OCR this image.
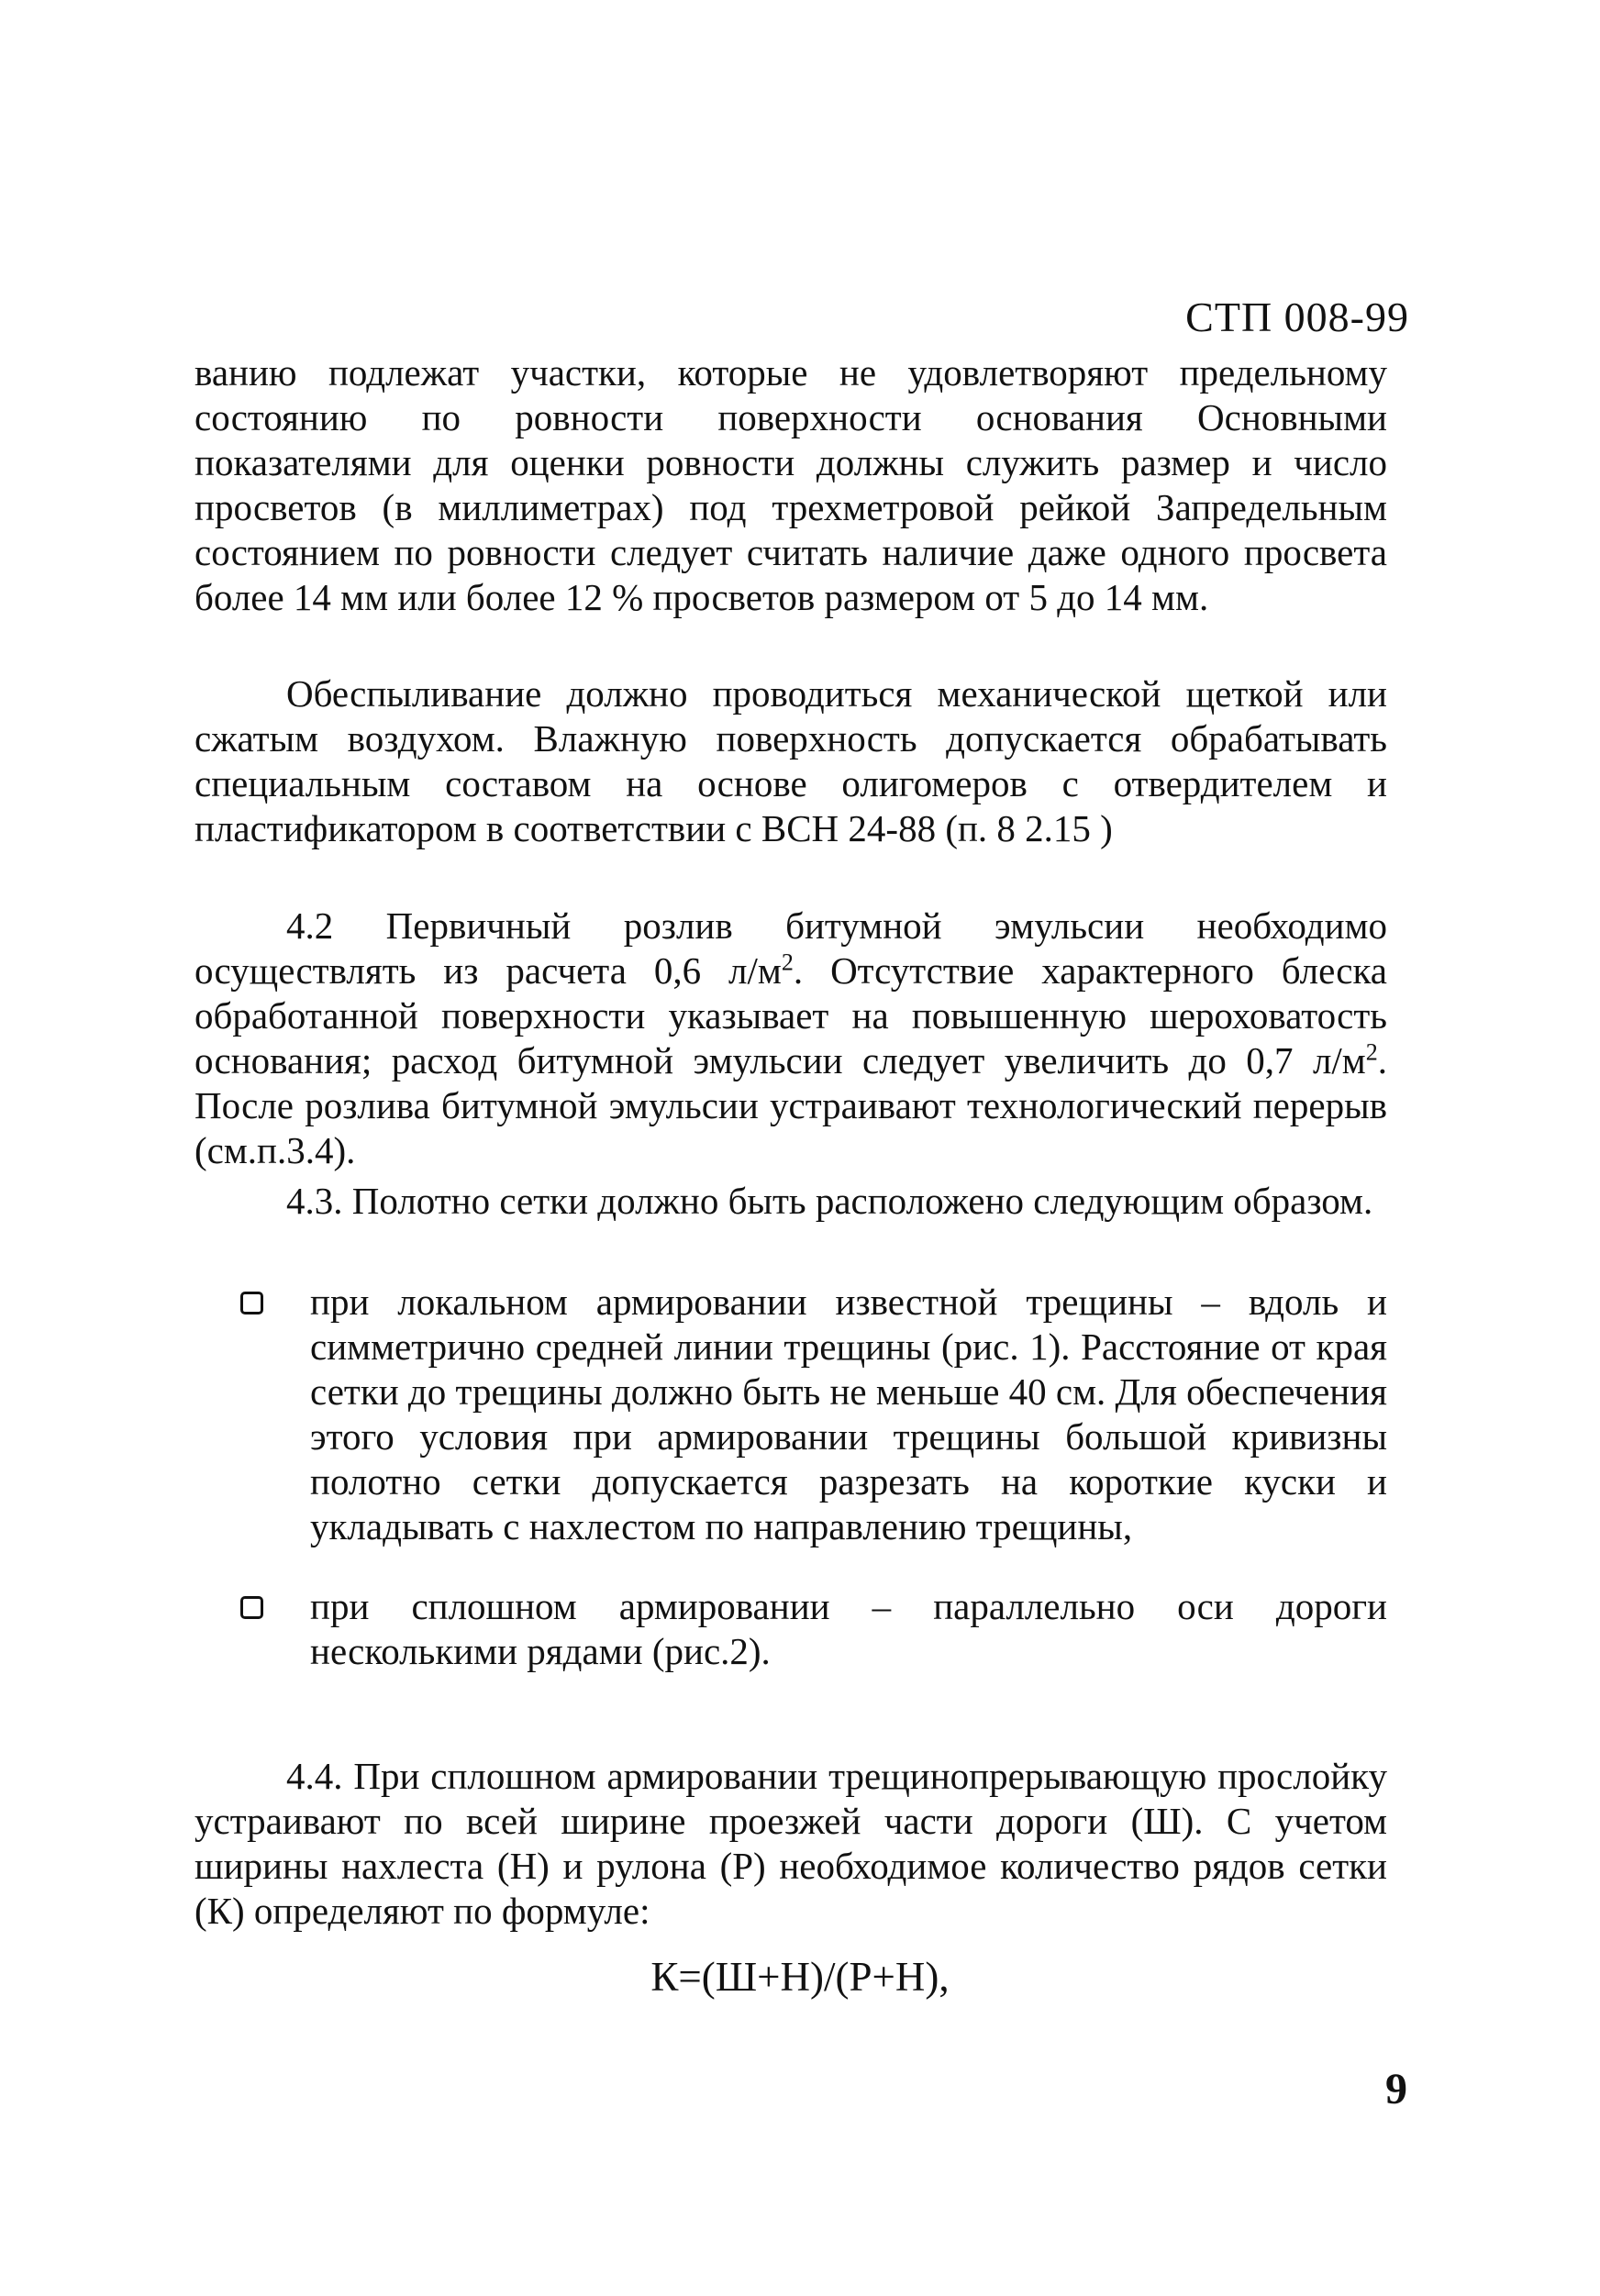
СТП 008-99

ванию подлежат участки, которые не удовлетворяют предельному состоянию по ровности поверхности основания Основными показателями для оценки ровности должны служить размер и число просветов (в миллиметрах) под трехметровой рейкой Запредельным состоянием по ровности следует считать наличие даже одного просвета более 14 мм или более 12 % просветов размером от 5 до 14 мм.

Обеспыливание должно проводиться механической щеткой или сжатым воздухом. Влажную поверхность допускается обрабатывать специальным составом на основе олигомеров с отвердителем и пластификатором в соответствии с ВСН 24-88 (п. 8 2.15 )

4.2 Первичный розлив битумной эмульсии необходимо осуществлять из расчета 0,6 $л/м^2$. Отсутствие характерного блеска обработанной поверхности указывает на повышенную шероховатость основания; расход битумной эмульсии следует увеличить до 0,7 $л/м^2$. После розлива битумной эмульсии устраивают технологический перерыв (см.п.3.4).

4.3. Полотно сетки должно быть расположено следующим образом.

при локальном армировании известной трещины – вдоль и симметрично средней линии трещины (рис. 1). Расстояние от края сетки до трещины должно быть не меньше 40 см. Для обеспечения этого условия при армировании трещины большой кривизны полотно сетки допускается разрезать на короткие куски и укладывать с нахлестом по направлению трещины,
при сплошном армировании – параллельно оси дороги несколькими рядами (рис.2).

4.4. При сплошном армировании трещинопрерывающую прослойку устраивают по всей ширине проезжей части дороги (Ш). С учетом ширины нахлеста (Н) и рулона (Р) необходимое количество рядов сетки (К) определяют по формуле:

К=(Ш+Н)/(Р+Н),
9
